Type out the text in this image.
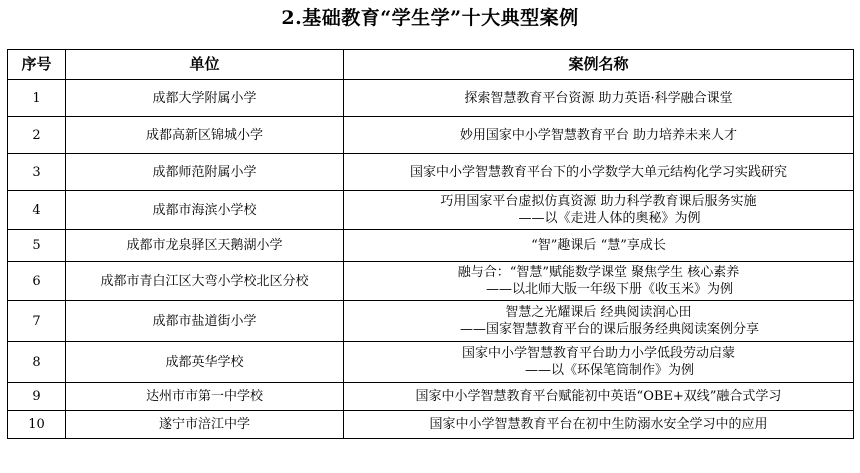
2.基础教育“学生学”十大典型案例
序号	单位	案例名称
1	成都大学附属小学	探索智慧教育平台资源 助力英语·科学融合课堂

2	成都高新区锦城小学	妙用国家中小学智慧教育平台 助力培养未来人才

3	成都师范附属小学	国家中小学智慧教育平台下的小学数学大单元结构化学习实践研究

4	成都市海滨小学校	巧用国家平台虚拟仿真资源 助力科学教育课后服务实施
——以《走进人体的奥秘》为例

5	成都市龙泉驿区天鹅湖小学	“智”趣课后 “慧”享成长

6	成都市青白江区大弯小学校北区分校	融与合：“智慧”赋能数学课堂 聚焦学生 核心素养
——以北师大版一年级下册《收玉米》为例

7	成都市盐道街小学	智慧之光耀课后 经典阅读润心田
——国家智慧教育平台的课后服务经典阅读案例分享

8	成都英华学校	国家中小学智慧教育平台助力小学低段劳动启蒙
——以《环保笔筒制作》为例

9	达州市市第一中学校	国家中小学智慧教育平台赋能初中英语“OBE+双线”融合式学习

10	遂宁市涪江中学	国家中小学智慧教育平台在初中生防溺水安全学习中的应用
